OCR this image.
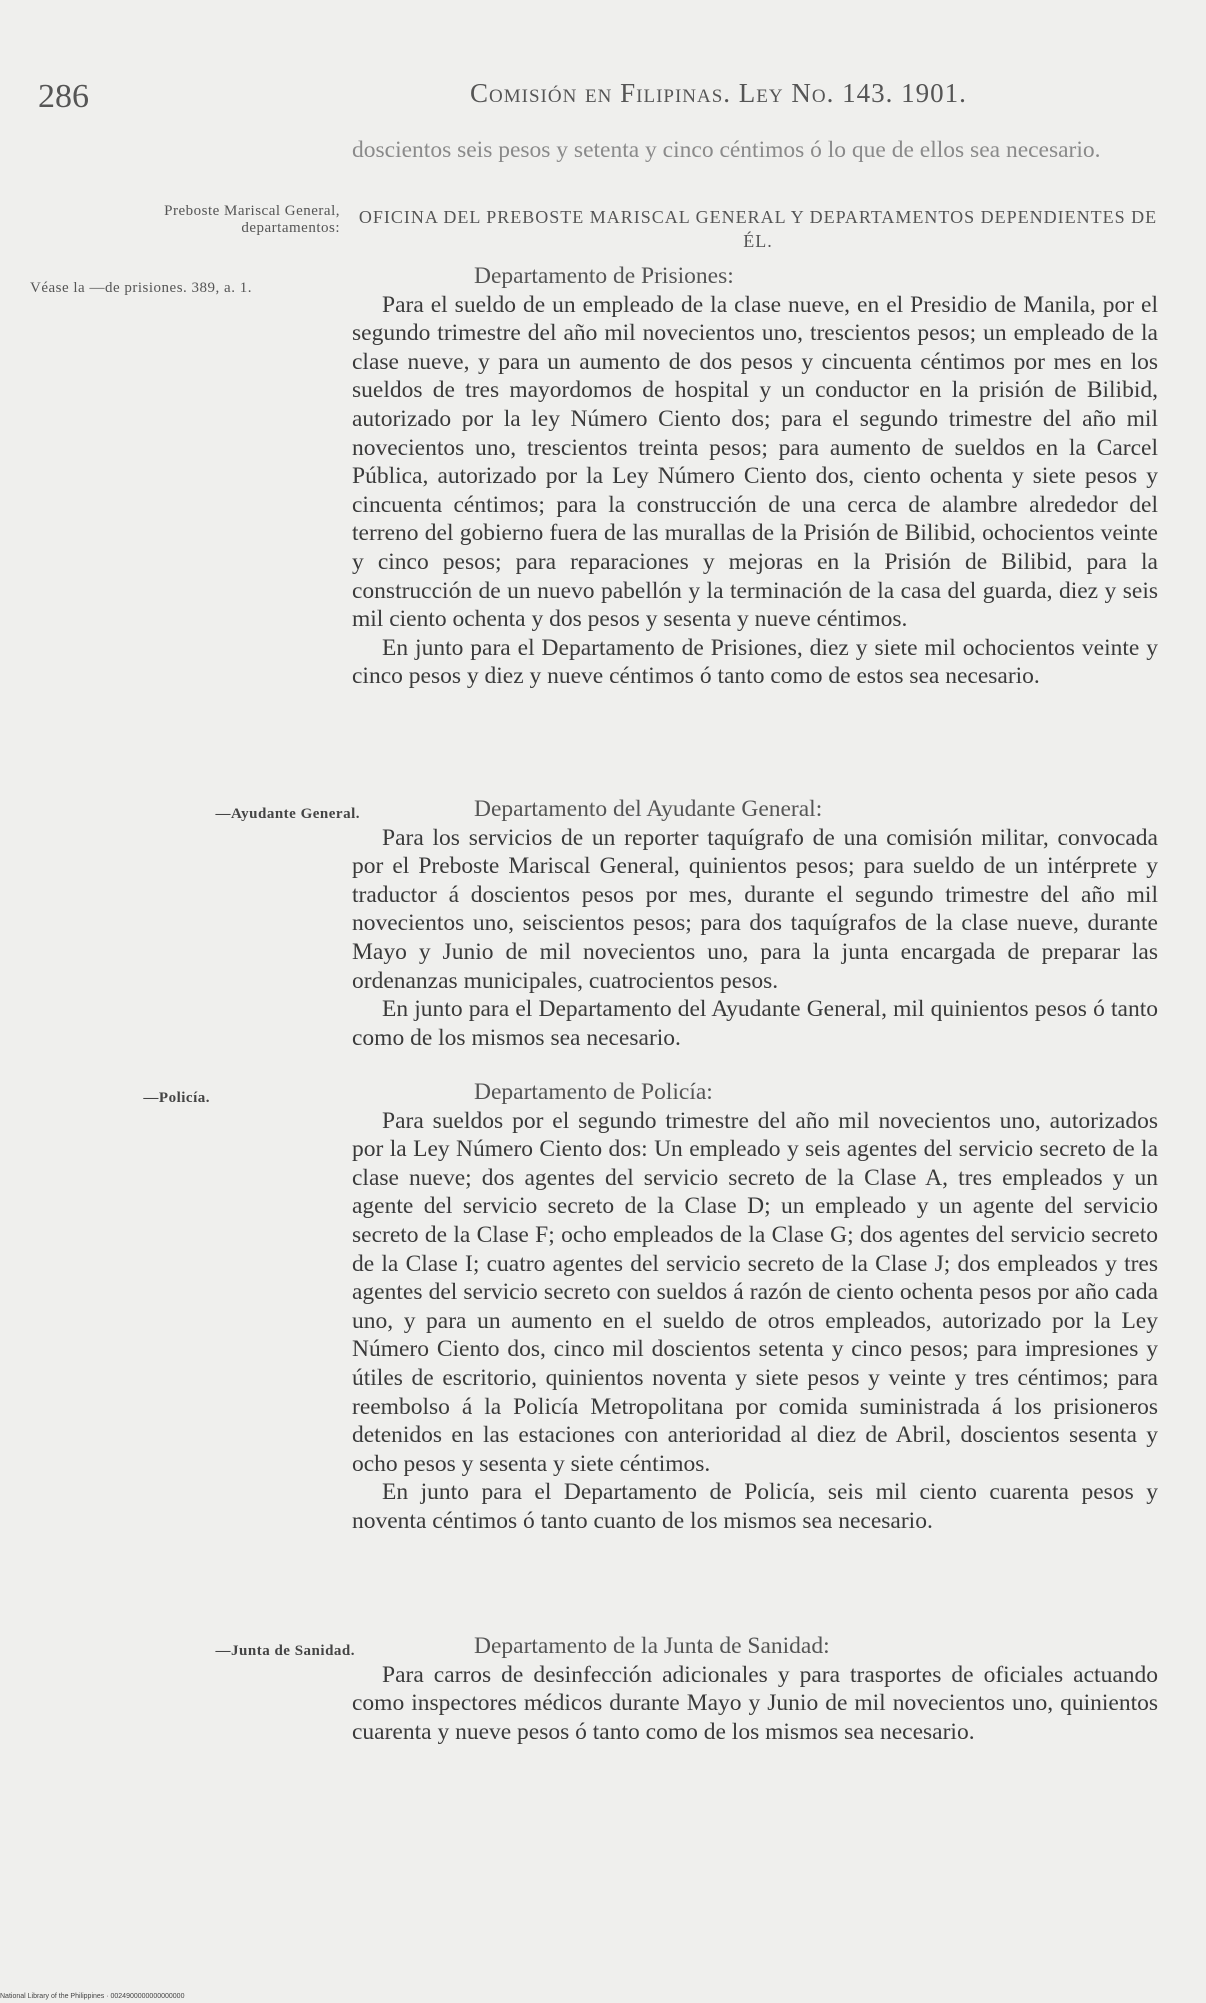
286	Comisión en Filipinas. Ley No. 143. 1901.

doscientos seis pesos y setenta y cinco céntimos ó lo que de ellos sea necesario.

Preboste Mariscal General, departamentos:
OFICINA DEL PREBOSTE MARISCAL GENERAL Y DEPARTAMENTOS DEPENDIENTES DE ÉL.
Véase la —de prisiones. 389, a. 1.	Departamento de Prisiones:

Para el sueldo de un empleado de la clase nueve, en el Presidio de Manila, por el segundo trimestre del año mil novecientos uno, trescientos pesos; un empleado de la clase nueve, y para un aumento de dos pesos y cincuenta céntimos por mes en los sueldos de tres mayordomos de hospital y un conductor en la prisión de Bilibid, autorizado por la ley Número Ciento dos; para el segundo trimestre del año mil novecientos uno, trescientos treinta pesos; para aumento de sueldos en la Carcel Pública, autorizado por la Ley Número Ciento dos, ciento ochenta y siete pesos y cincuenta céntimos; para la construcción de una cerca de alambre alrededor del terreno del gobierno fuera de las murallas de la Prisión de Bilibid, ochocientos veinte y cinco pesos; para reparaciones y mejoras en la Prisión de Bilibid, para la construcción de un nuevo pabellón y la terminación de la casa del guarda, diez y seis mil ciento ochenta y dos pesos y sesenta y nueve céntimos.

En junto para el Departamento de Prisiones, diez y siete mil ochocientos veinte y cinco pesos y diez y nueve céntimos ó tanto como de estos sea necesario.

—Ayudante General.	Departamento del Ayudante General:

Para los servicios de un reporter taquígrafo de una comisión militar, convocada por el Preboste Mariscal General, quinientos pesos; para sueldo de un intérprete y traductor á doscientos pesos por mes, durante el segundo trimestre del año mil novecientos uno, seiscientos pesos; para dos taquígrafos de la clase nueve, durante Mayo y Junio de mil novecientos uno, para la junta encargada de preparar las ordenanzas municipales, cuatrocientos pesos.

En junto para el Departamento del Ayudante General, mil quinientos pesos ó tanto como de los mismos sea necesario.

—Policía.	Departamento de Policía:

Para sueldos por el segundo trimestre del año mil novecientos uno, autorizados por la Ley Número Ciento dos: Un empleado y seis agentes del servicio secreto de la clase nueve; dos agentes del servicio secreto de la Clase A, tres empleados y un agente del servicio secreto de la Clase D; un empleado y un agente del servicio secreto de la Clase F; ocho empleados de la Clase G; dos agentes del servicio secreto de la Clase I; cuatro agentes del servicio secreto de la Clase J; dos empleados y tres agentes del servicio secreto con sueldos á razón de ciento ochenta pesos por año cada uno, y para un aumento en el sueldo de otros empleados, autorizado por la Ley Número Ciento dos, cinco mil doscientos setenta y cinco pesos; para impresiones y útiles de escritorio, quinientos noventa y siete pesos y veinte y tres céntimos; para reembolso á la Policía Metropolitana por comida suministrada á los prisioneros detenidos en las estaciones con anterioridad al diez de Abril, doscientos sesenta y ocho pesos y sesenta y siete céntimos.

En junto para el Departamento de Policía, seis mil ciento cuarenta pesos y noventa céntimos ó tanto cuanto de los mismos sea necesario.

—Junta de Sanidad.	Departamento de la Junta de Sanidad:

Para carros de desinfección adicionales y para trasportes de oficiales actuando como inspectores médicos durante Mayo y Junio de mil novecientos uno, quinientos cuarenta y nueve pesos ó tanto como de los mismos sea necesario.

National Library of the Philippines · 0024900000000000000
